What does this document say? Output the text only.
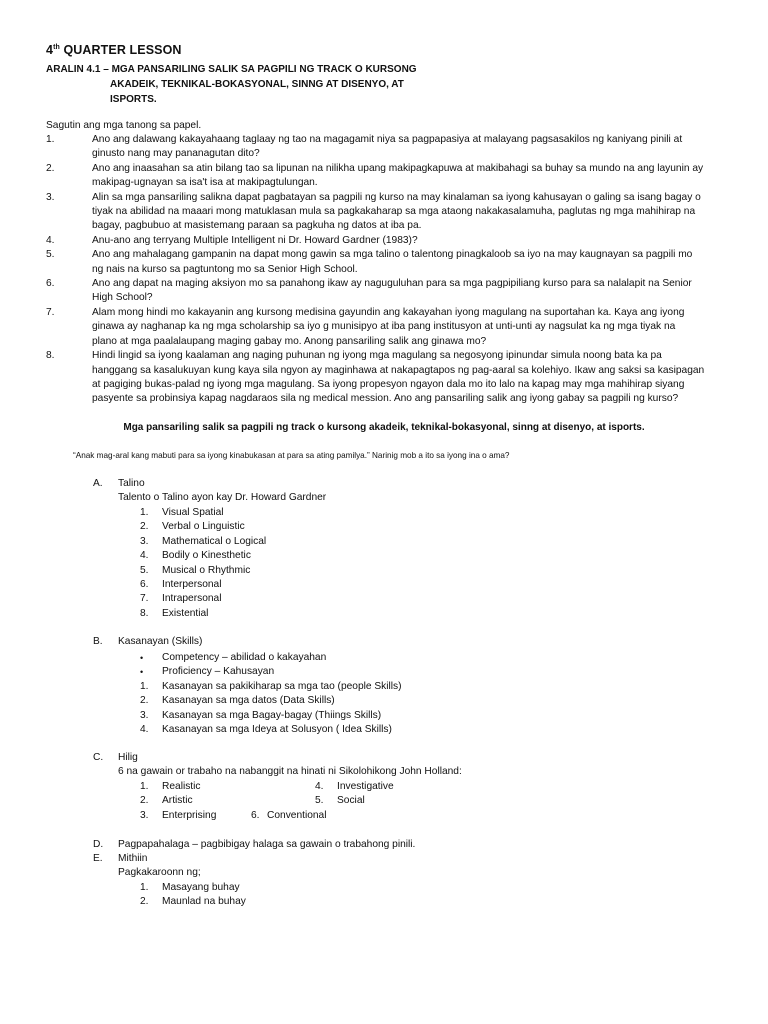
4th QUARTER LESSON
ARALIN 4.1 – MGA PANSARILING SALIK SA PAGPILI NG TRACK O KURSONG
AKADEIK, TEKNIKAL-BOKASYONAL, SINNG AT DISENYO, AT
ISPORTS.
Sagutin ang mga tanong sa papel.
1.	Ano ang dalawang kakayahaang taglaay ng tao na magagamit niya sa pagpapasiya at malayang pagsasakilos ng kaniyang pinili at
ginusto nang may pananagutan dito?
2.	Ano ang inaasahan sa atin bilang tao sa lipunan na nilikha upang makipagkapuwa at makibahagi sa buhay sa mundo na ang layunin ay
makipag-ugnayan sa isa't isa at makipagtulungan.
3.	Alin sa mga pansariling salikna dapat pagbatayan sa pagpili ng kurso na may kinalaman sa iyong kahusayan o galing sa isang bagay o
tiyak na abilidad na maaari mong matuklasan mula sa pagkakaharap sa mga ataong nakakasalamuha, paglutas ng mga mahihirap na
bagay, pagbubuo at masistemang paraan sa pagkuha ng datos at iba pa.
4.	Anu-ano ang terryang Multiple Intelligent ni Dr. Howard Gardner (1983)?
5.	Ano ang mahalagang gampanin na dapat mong gawin sa mga talino o talentong pinagkaloob sa iyo na may kaugnayan sa pagpili mo
ng nais na kurso sa pagtuntong mo sa Senior High School.
6.	Ano ang dapat na maging aksiyon mo sa panahong ikaw ay naguguluhan para sa mga pagpipiliang kurso para sa nalalapit na Senior
High School?
7.	Alam mong hindi mo kakayanin ang kursong medisina gayundin ang kakayahan iyong magulang na suportahan ka. Kaya ang iyong
ginawa ay naghanap ka ng mga scholarship sa iyo g munisipyo at iba pang institusyon at unti-unti ay nagsulat ka ng mga tiyak na
plano at mga paalalaupang maging gabay mo. Anong pansariling salik ang ginawa mo?
8.	Hindi lingid sa iyong kaalaman ang naging puhunan ng iyong mga magulang sa negosyong ipinundar simula noong bata ka pa
hanggang sa kasalukuyan kung kaya sila ngyon ay maginhawa at nakapagtapos ng pag-aaral sa kolehiyo. Ikaw ang saksi sa kasipagan
at pagiging bukas-palad ng iyong mga magulang. Sa iyong propesyon ngayon dala mo ito lalo na kapag may mga mahihirap siyang
pasyente sa probinsiya kapag nagdaraos sila ng medical mession. Ano ang pansariling salik ang iyong gabay sa pagpili ng kurso?
Mga pansariling salik sa pagpili ng track o kursong akadeik, teknikal-bokasyonal, sinng at disenyo, at isports.
“Anak mag-aral kang mabuti para sa iyong kinabukasan at para sa ating pamilya.” Narinig mob a ito sa iyong ina o ama?
A.	Talino
Talento o Talino ayon kay Dr. Howard Gardner
1.	Visual Spatial
2.	Verbal o Linguistic
3.	Mathematical o Logical
4.	Bodily o Kinesthetic
5.	Musical o Rhythmic
6.	Interpersonal
7.	Intrapersonal
8.	Existential
B.	Kasanayan (Skills)
•	Competency – abilidad o kakayahan
•	Proficiency – Kahusayan
1.	Kasanayan sa pakikiharap sa mga tao (people Skills)
2.	Kasanayan sa mga datos (Data Skills)
3.	Kasanayan sa mga Bagay-bagay (Thiings Skills)
4.	Kasanayan sa mga Ideya at Solusyon ( Idea Skills)
C.	Hilig
6 na gawain or trabaho na nabanggit na hinati ni Sikolohikong John Holland:
1.	Realistic	4.	Investigative
2.	Artistic	5.	Social
3.	Enterprising	6. Conventional
D.	Pagpapahalaga – pagbibigay halaga sa gawain o trabahong pinili.
E.	Mithiin
Pagkakaroonn ng;
1.	Masayang buhay
2.	Maunlad na buhay
